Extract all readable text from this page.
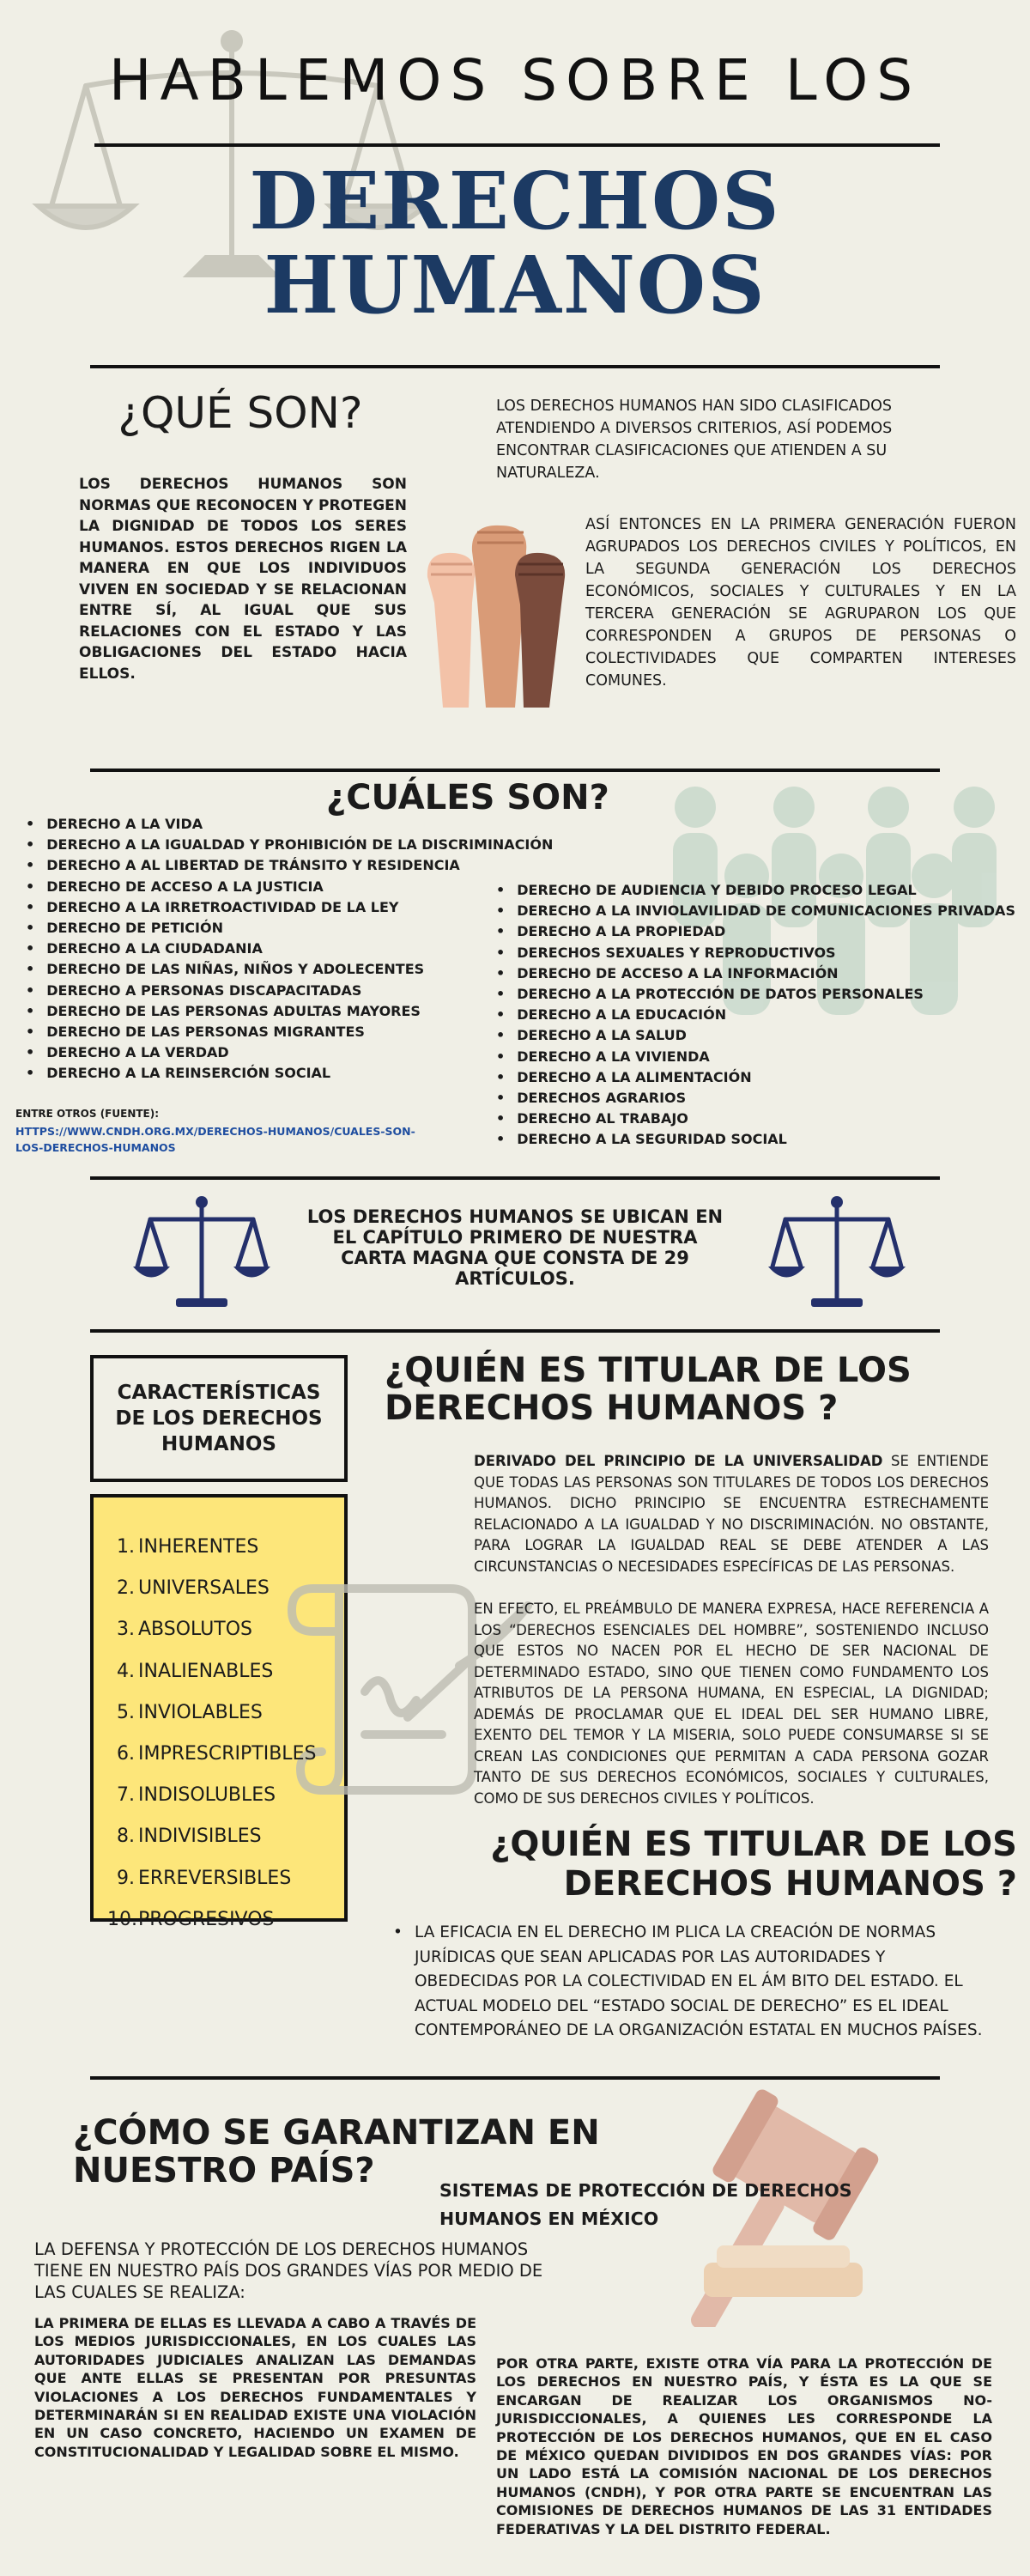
HABLEMOS SOBRE LOS
DERECHOS
HUMANOS
¿QUÉ SON?
LOS DERECHOS HUMANOS SON NORMAS QUE RECONOCEN Y PROTEGEN LA DIGNIDAD DE TODOS LOS SERES HUMANOS. ESTOS DERECHOS RIGEN LA MANERA EN QUE LOS INDIVIDUOS VIVEN EN SOCIEDAD Y SE RELACIONAN ENTRE SÍ, AL IGUAL QUE SUS RELACIONES CON EL ESTADO Y LAS OBLIGACIONES DEL ESTADO HACIA ELLOS.
LOS DERECHOS HUMANOS HAN SIDO CLASIFICADOS ATENDIENDO A DIVERSOS CRITERIOS, ASÍ PODEMOS ENCONTRAR CLASIFICACIONES QUE ATIENDEN A SU NATURALEZA.
ASÍ ENTONCES EN LA PRIMERA GENERACIÓN FUERON AGRUPADOS LOS DERECHOS CIVILES Y POLÍTICOS, EN LA SEGUNDA GENERACIÓN LOS DERECHOS ECONÓMICOS, SOCIALES Y CULTURALES Y EN LA TERCERA GENERACIÓN SE AGRUPARON LOS QUE CORRESPONDEN A GRUPOS DE PERSONAS O COLECTIVIDADES QUE COMPARTEN INTERESES COMUNES.
¿CUÁLES SON?
• DERECHO A LA VIDA
• DERECHO A LA IGUALDAD Y PROHIBICIÓN DE LA DISCRIMINACIÓN
• DERECHO A AL LIBERTAD DE TRÁNSITO Y RESIDENCIA
• DERECHO DE ACCESO A LA JUSTICIA
• DERECHO A LA IRRETROACTIVIDAD DE LA LEY
• DERECHO DE PETICIÓN
• DERECHO A LA CIUDADANIA
• DERECHO DE LAS NIÑAS, NIÑOS Y ADOLECENTES
• DERECHO A PERSONAS DISCAPACITADAS
• DERECHO DE LAS PERSONAS ADULTAS MAYORES
• DERECHO DE LAS PERSONAS MIGRANTES
• DERECHO A LA VERDAD
• DERECHO A LA REINSERCIÓN SOCIAL
• DERECHO DE AUDIENCIA Y DEBIDO PROCESO LEGAL
• DERECHO A LA INVIOLAVILIDAD DE COMUNICACIONES PRIVADAS
• DERECHO A LA PROPIEDAD
• DERECHOS SEXUALES Y REPRODUCTIVOS
• DERECHO DE ACCESO A LA INFORMACIÓN
• DERECHO A LA PROTECCIÓN DE DATOS PERSONALES
• DERECHO A LA EDUCACIÓN
• DERECHO A LA SALUD
• DERECHO A LA VIVIENDA
• DERECHO A LA ALIMENTACIÓN
• DERECHOS AGRARIOS
• DERECHO AL TRABAJO
• DERECHO A LA SEGURIDAD SOCIAL
ENTRE OTROS (FUENTE):
HTTPS://WWW.CNDH.ORG.MX/DERECHOS-HUMANOS/CUALES-SON-LOS-DERECHOS-HUMANOS
LOS DERECHOS HUMANOS SE UBICAN EN EL CAPÍTULO PRIMERO DE NUESTRA CARTA MAGNA QUE CONSTA DE 29 ARTÍCULOS.
CARACTERÍSTICAS DE LOS DERECHOS HUMANOS
1. INHERENTES
2. UNIVERSALES
3. ABSOLUTOS
4. INALIENABLES
5. INVIOLABLES
6. IMPRESCRIPTIBLES
7. INDISOLUBLES
8. INDIVISIBLES
9. ERREVERSIBLES
10.PROGRESIVOS
¿QUIÉN ES TITULAR DE LOS DERECHOS HUMANOS ?
DERIVADO DEL PRINCIPIO DE LA UNIVERSALIDAD SE ENTIENDE QUE TODAS LAS PERSONAS SON TITULARES DE TODOS LOS DERECHOS HUMANOS. DICHO PRINCIPIO SE ENCUENTRA ESTRECHAMENTE RELACIONADO A LA IGUALDAD Y NO DISCRIMINACIÓN. NO OBSTANTE, PARA LOGRAR LA IGUALDAD REAL SE DEBE ATENDER A LAS CIRCUNSTANCIAS O NECESIDADES ESPECÍFICAS DE LAS PERSONAS.
EN EFECTO, EL PREÁMBULO DE MANERA EXPRESA, HACE REFERENCIA A LOS “DERECHOS ESENCIALES DEL HOMBRE”, SOSTENIENDO INCLUSO QUE ESTOS NO NACEN POR EL HECHO DE SER NACIONAL DE DETERMINADO ESTADO, SINO QUE TIENEN COMO FUNDAMENTO LOS ATRIBUTOS DE LA PERSONA HUMANA, EN ESPECIAL, LA DIGNIDAD; ADEMÁS DE PROCLAMAR QUE EL IDEAL DEL SER HUMANO LIBRE, EXENTO DEL TEMOR Y LA MISERIA, SOLO PUEDE CONSUMARSE SI SE CREAN LAS CONDICIONES QUE PERMITAN A CADA PERSONA GOZAR TANTO DE SUS DERECHOS ECONÓMICOS, SOCIALES Y CULTURALES, COMO DE SUS DERECHOS CIVILES Y POLÍTICOS.
¿QUIÉN ES TITULAR DE LOS DERECHOS HUMANOS ?
• LA EFICACIA EN EL DERECHO IM PLICA LA CREACIÓN DE NORMAS JURÍDICAS QUE SEAN APLICADAS POR LAS AUTORIDADES Y OBEDECIDAS POR LA COLECTIVIDAD EN EL ÁM BITO DEL ESTADO. EL ACTUAL MODELO DEL “ESTADO SOCIAL DE DERECHO” ES EL IDEAL CONTEMPORÁNEO DE LA ORGANIZACIÓN ESTATAL EN MUCHOS PAÍSES.
¿CÓMO SE GARANTIZAN EN NUESTRO PAÍS?	SISTEMAS DE PROTECCIÓN DE DERECHOS HUMANOS EN MÉXICO
LA DEFENSA Y PROTECCIÓN DE LOS DERECHOS HUMANOS TIENE EN NUESTRO PAÍS DOS GRANDES VÍAS POR MEDIO DE LAS CUALES SE REALIZA:
LA PRIMERA DE ELLAS ES LLEVADA A CABO A TRAVÉS DE LOS MEDIOS JURISDICCIONALES, EN LOS CUALES LAS AUTORIDADES JUDICIALES ANALIZAN LAS DEMANDAS QUE ANTE ELLAS SE PRESENTAN POR PRESUNTAS VIOLACIONES A LOS DERECHOS FUNDAMENTALES Y DETERMINARÁN SI EN REALIDAD EXISTE UNA VIOLACIÓN EN UN CASO CONCRETO, HACIENDO UN EXAMEN DE CONSTITUCIONALIDAD Y LEGALIDAD SOBRE EL MISMO.
POR OTRA PARTE, EXISTE OTRA VÍA PARA LA PROTECCIÓN DE LOS DERECHOS EN NUESTRO PAÍS, Y ÉSTA ES LA QUE SE ENCARGAN DE REALIZAR LOS ORGANISMOS NO-JURISDICCIONALES, A QUIENES LES CORRESPONDE LA PROTECCIÓN DE LOS DERECHOS HUMANOS, QUE EN EL CASO DE MÉXICO QUEDAN DIVIDIDOS EN DOS GRANDES VÍAS: POR UN LADO ESTÁ LA COMISIÓN NACIONAL DE LOS DERECHOS HUMANOS (CNDH), Y POR OTRA PARTE SE ENCUENTRAN LAS COMISIONES DE DERECHOS HUMANOS DE LAS 31 ENTIDADES FEDERATIVAS Y LA DEL DISTRITO FEDERAL.
